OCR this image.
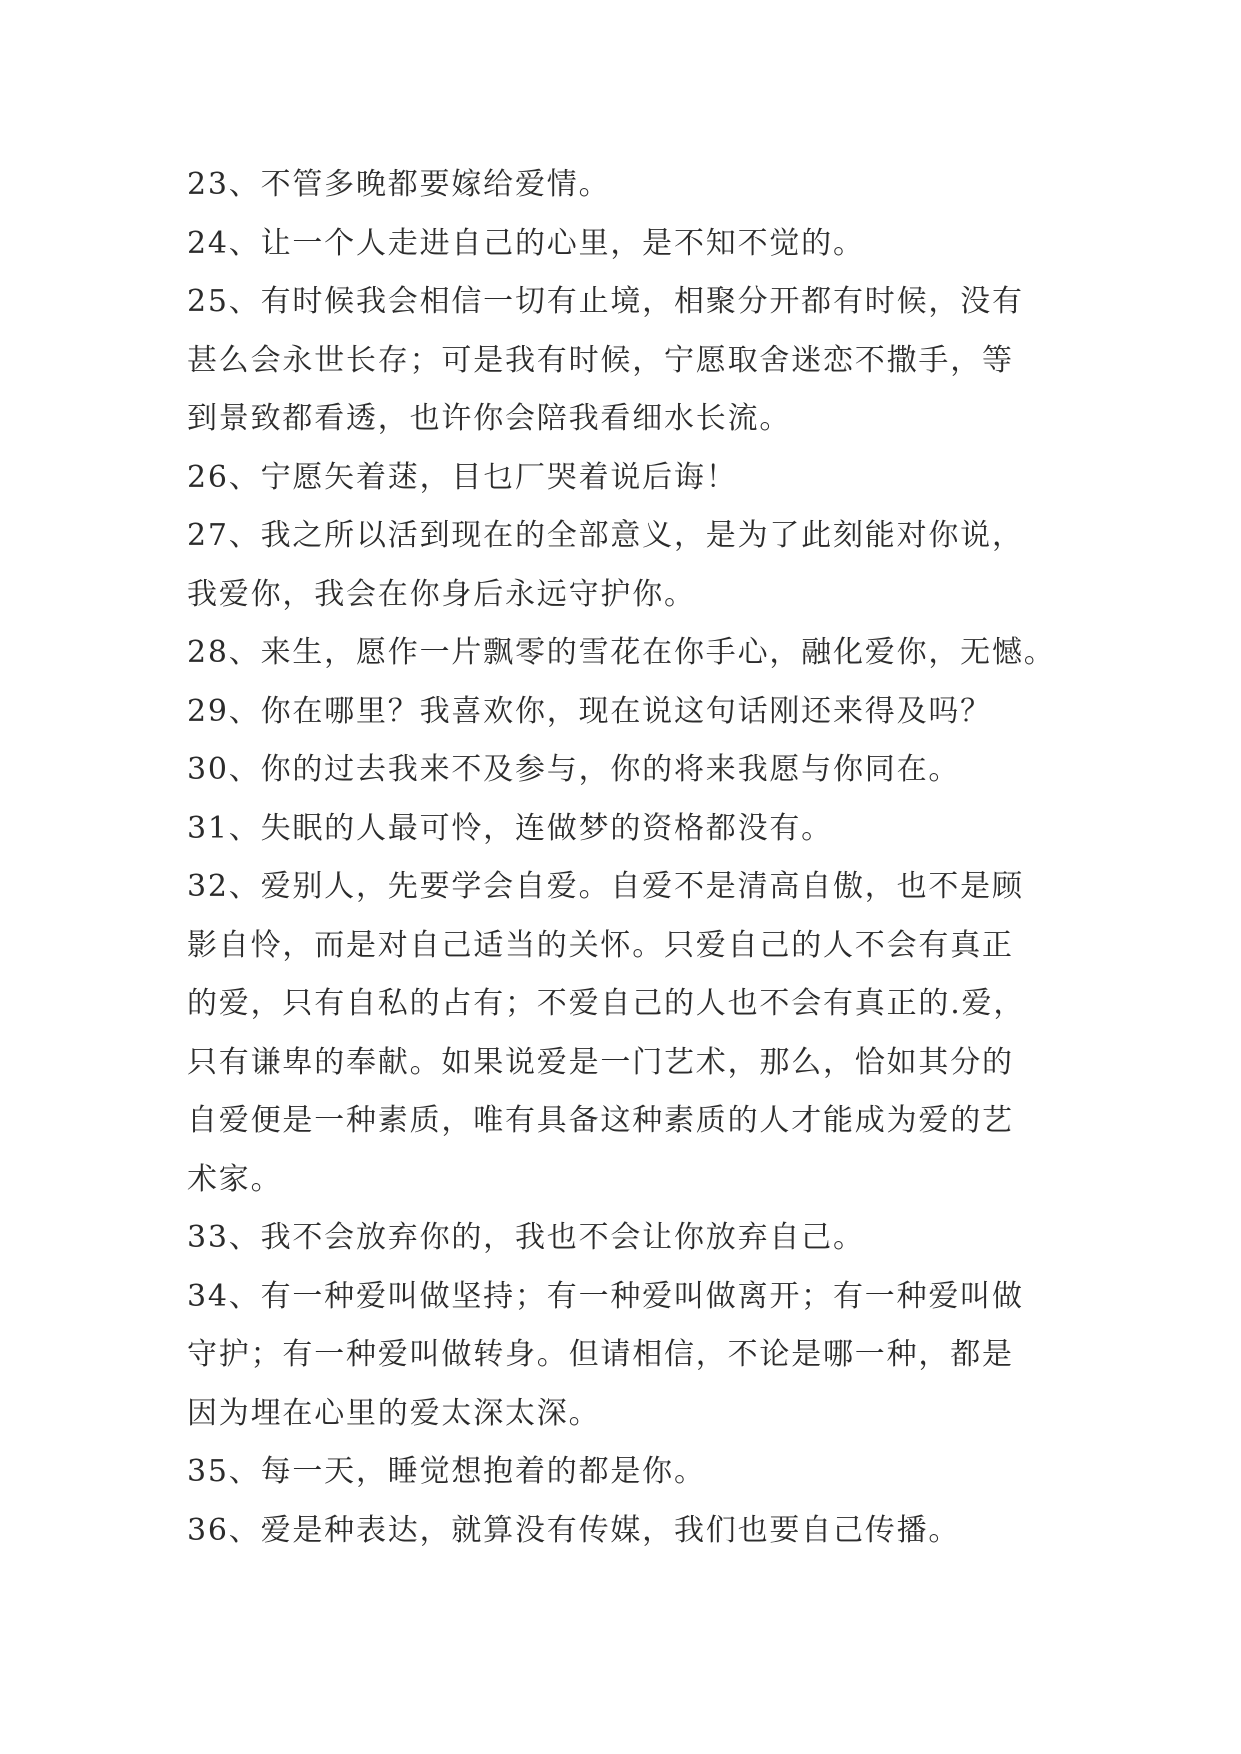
23、不管多晚都要嫁给爱情。
24、让一个人走进自己的心里，是不知不觉的。
25、有时候我会相信一切有止境，相聚分开都有时候，没有
甚么会永世长存；可是我有时候，宁愿取舍迷恋不撒手，等
到景致都看透，也许你会陪我看细水长流。
26、宁愿矢着蒁，目乜厂哭着说后诲！
27、我之所以活到现在的全部意义，是为了此刻能对你说，
我爱你，我会在你身后永远守护你。
28、来生，愿作一片飘零的雪花在你手心，融化爱你，无憾。
29、你在哪里？我喜欢你，现在说这句话刚还来得及吗？
30、你的过去我来不及参与，你的将来我愿与你同在。
31、失眠的人最可怜，连做梦的资格都没有。
32、爱别人，先要学会自爱。自爱不是清高自傲，也不是顾
影自怜，而是对自己适当的关怀。只爱自己的人不会有真正
的爱，只有自私的占有；不爱自己的人也不会有真正的.爱，
只有谦卑的奉献。如果说爱是一门艺术，那么，恰如其分的
自爱便是一种素质，唯有具备这种素质的人才能成为爱的艺
术家。
33、我不会放弃你的，我也不会让你放弃自己。
34、有一种爱叫做坚持；有一种爱叫做离开；有一种爱叫做
守护；有一种爱叫做转身。但请相信，不论是哪一种，都是
因为埋在心里的爱太深太深。
35、每一天，睡觉想抱着的都是你。
36、爱是种表达，就算没有传媒，我们也要自己传播。
